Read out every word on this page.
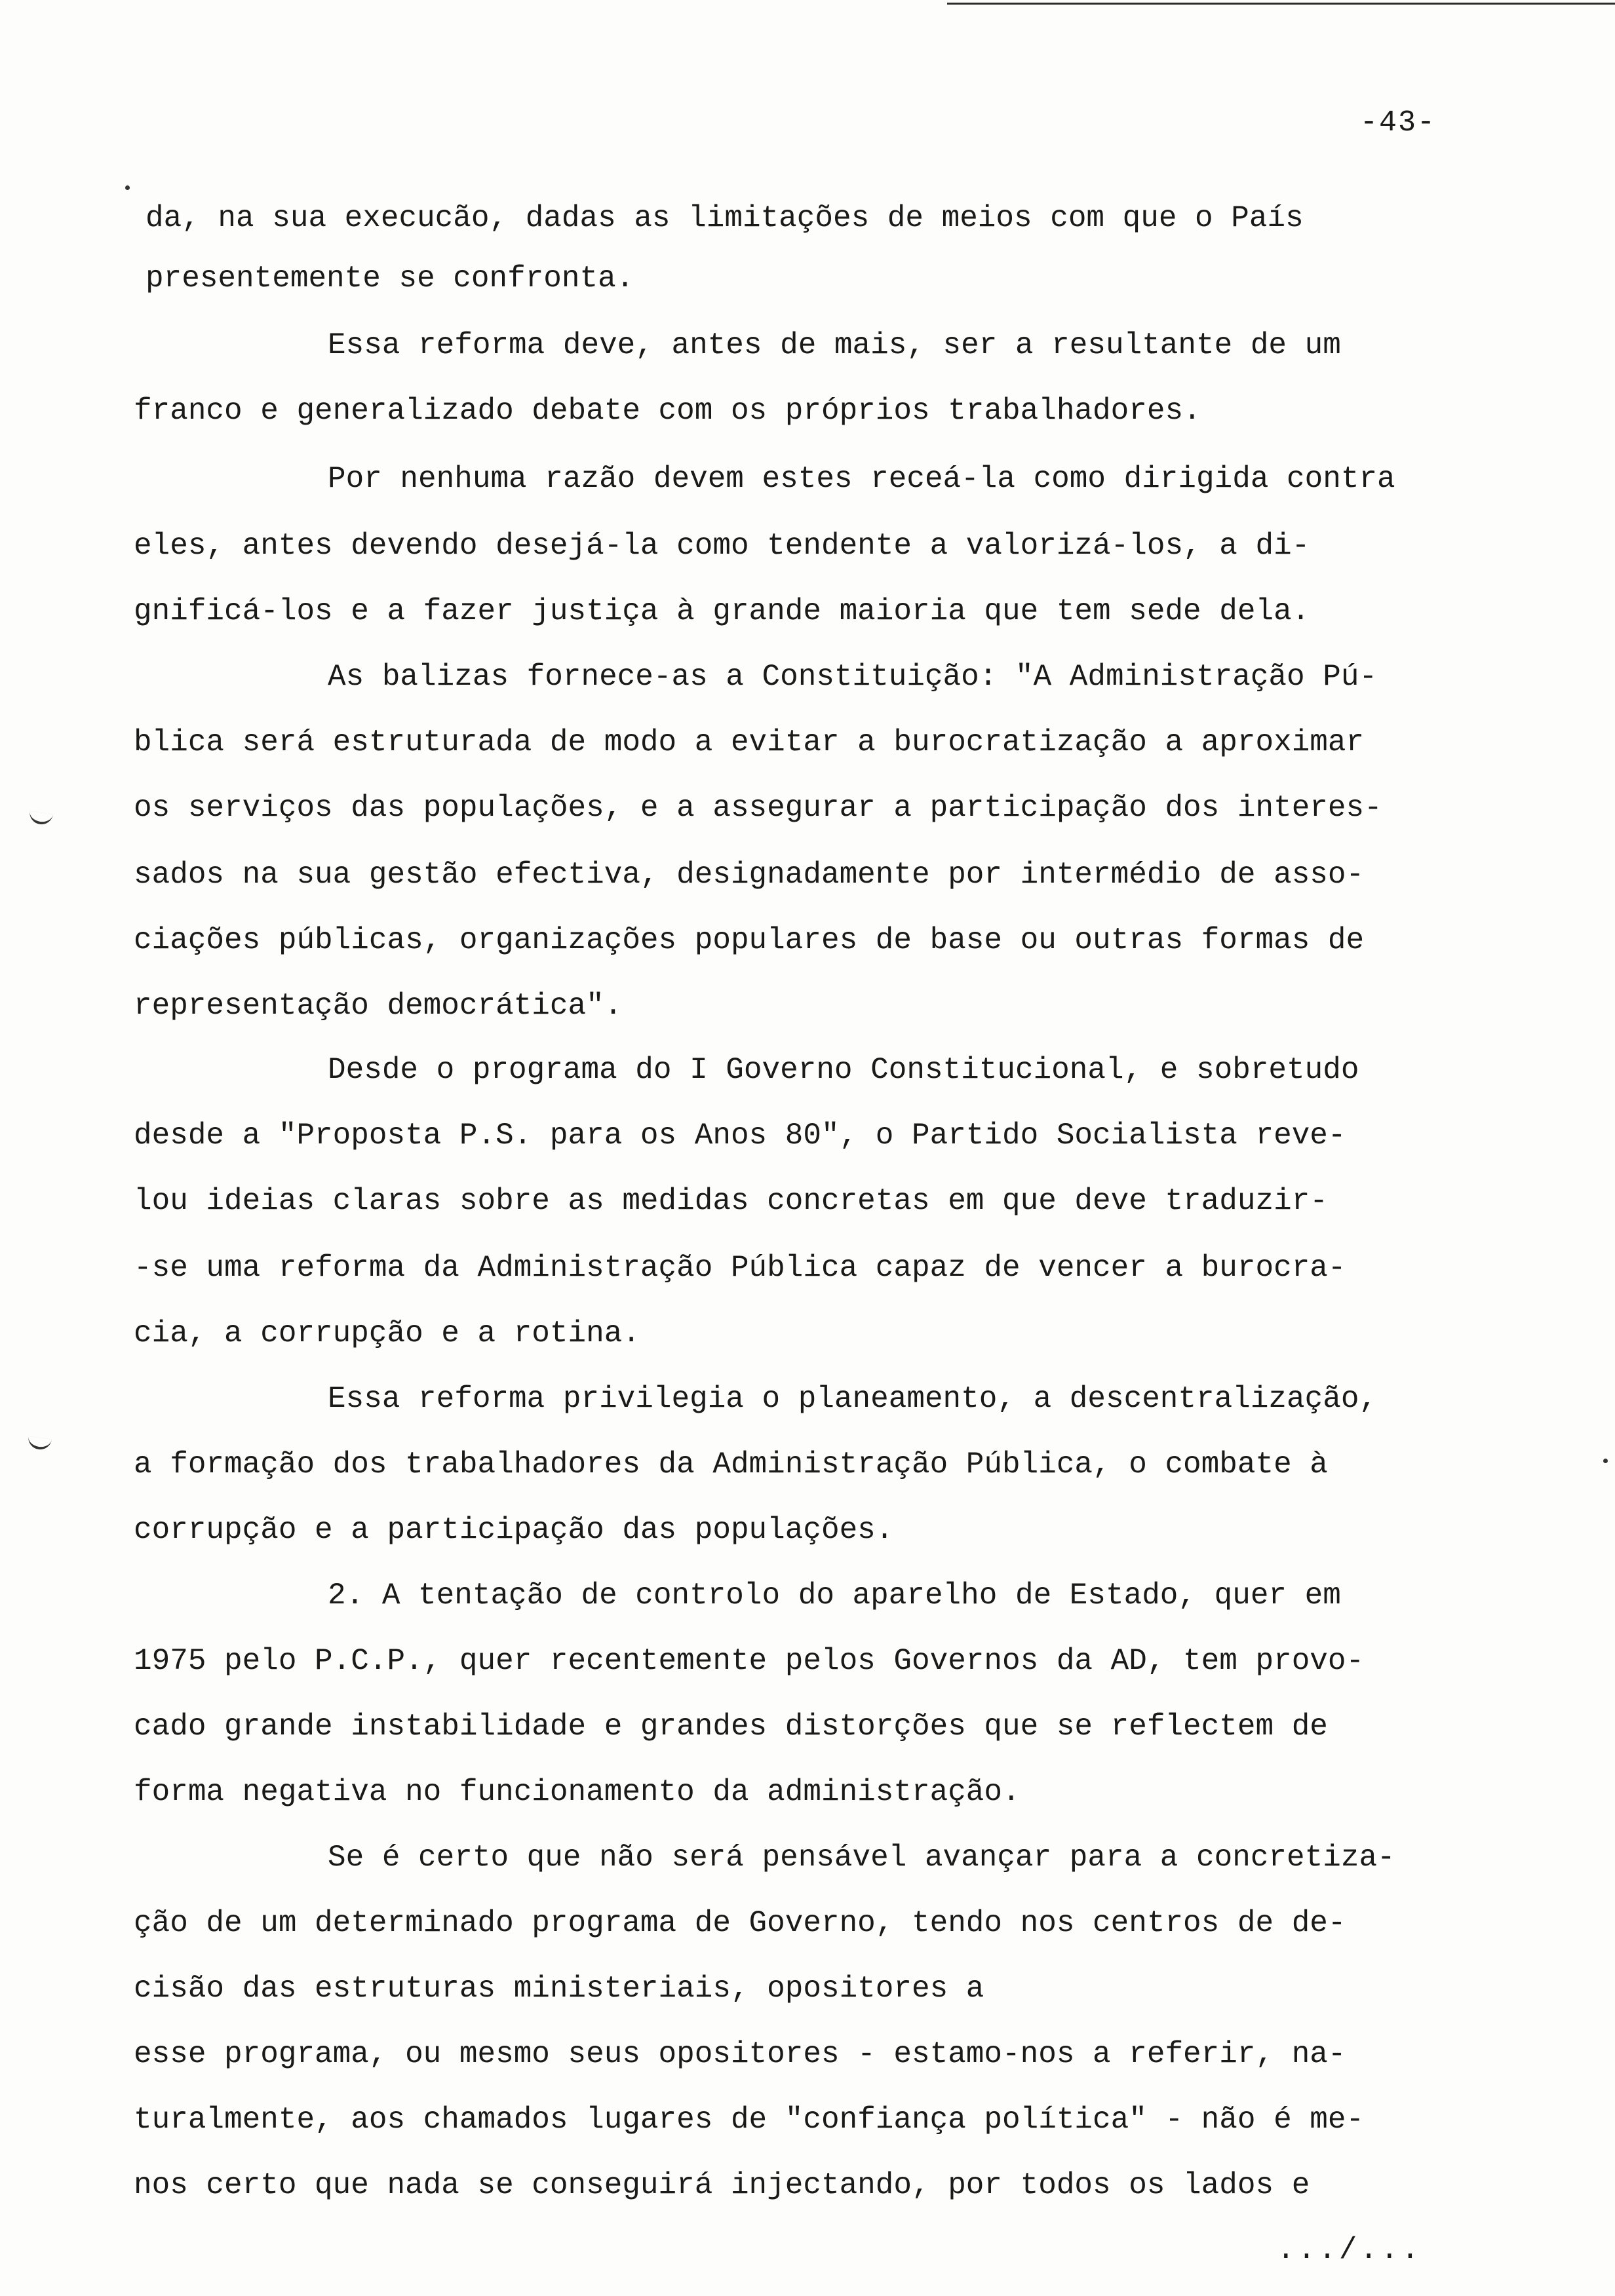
-43-
da, na sua execucão, dadas as limitações de meios com que o País
presentemente se confronta.
Essa reforma deve, antes de mais, ser a resultante de um
franco e generalizado debate com os próprios trabalhadores.
Por nenhuma razão devem estes receá-la como dirigida contra
eles, antes devendo desejá-la como tendente a valorizá-los, a di-
gnificá-los e a fazer justiça à grande maioria que tem sede dela.
As balizas fornece-as a Constituição: "A Administração Pú-
blica será estruturada de modo a evitar a burocratização a aproximar
os serviços das populações, e a assegurar a participação dos interes-
sados na sua gestão efectiva, designadamente por intermédio de asso-
ciações públicas, organizações populares de base ou outras formas de
representação democrática".
Desde o programa do I Governo Constitucional, e sobretudo
desde a "Proposta P.S. para os Anos 80", o Partido Socialista reve-
lou ideias claras sobre as medidas concretas em que deve traduzir-
-se uma reforma da Administração Pública capaz de vencer a burocra-
cia, a corrupção e a rotina.
Essa reforma privilegia o planeamento, a descentralização,
a formação dos trabalhadores da Administração Pública, o combate à
corrupção e a participação das populações.
2. A tentação de controlo do aparelho de Estado, quer em
1975 pelo P.C.P., quer recentemente pelos Governos da AD, tem provo-
cado grande instabilidade e grandes distorções que se reflectem de
forma negativa no funcionamento da administração.
Se é certo que não será pensável avançar para a concretiza-
ção de um determinado programa de Governo, tendo nos centros de de-
cisão das estruturas ministeriais, opositores a
esse programa, ou mesmo seus opositores - estamo-nos a referir, na-
turalmente, aos chamados lugares de "confiança política" - não é me-
nos certo que nada se conseguirá injectando, por todos os lados e
.../...
